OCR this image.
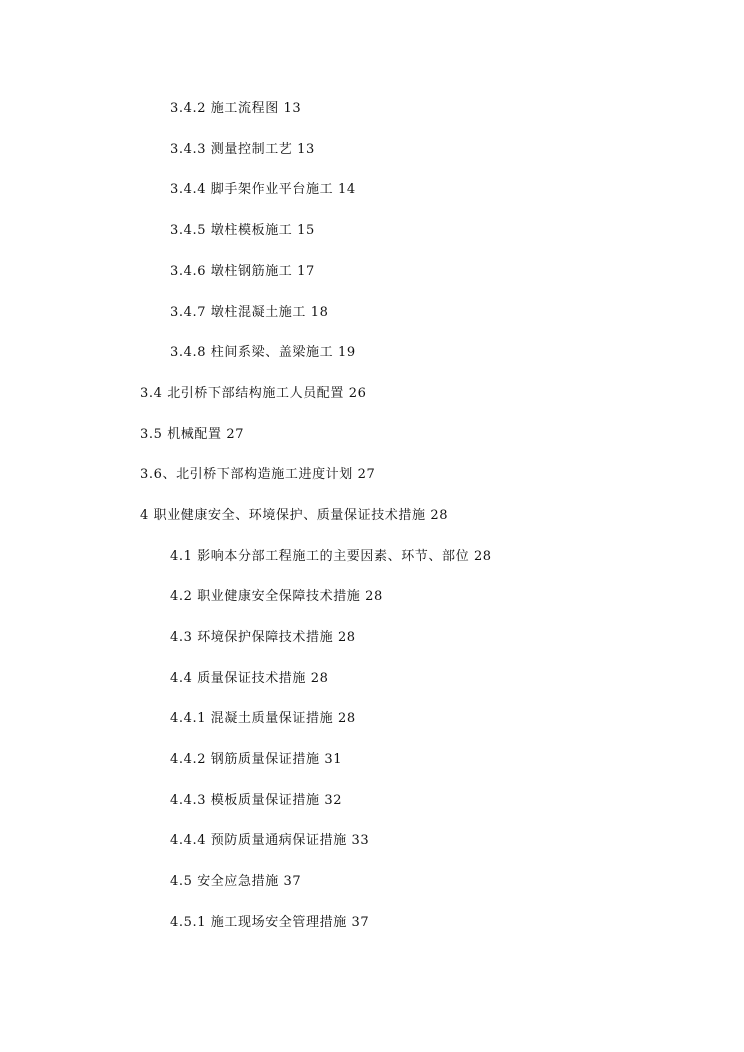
3.4.2 施工流程图 13

3.4.3 测量控制工艺 13

3.4.4 脚手架作业平台施工 14

3.4.5 墩柱模板施工 15

3.4.6 墩柱钢筋施工 17

3.4.7 墩柱混凝土施工 18

3.4.8 柱间系梁、盖梁施工 19

3.4 北引桥下部结构施工人员配置 26

3.5 机械配置 27

3.6、北引桥下部构造施工进度计划 27

4 职业健康安全、环境保护、质量保证技术措施 28

4.1 影响本分部工程施工的主要因素、环节、部位 28

4.2 职业健康安全保障技术措施 28

4.3 环境保护保障技术措施 28

4.4 质量保证技术措施 28

4.4.1 混凝土质量保证措施 28

4.4.2 钢筋质量保证措施 31

4.4.3 模板质量保证措施 32

4.4.4 预防质量通病保证措施 33

4.5 安全应急措施 37

4.5.1 施工现场安全管理措施 37
